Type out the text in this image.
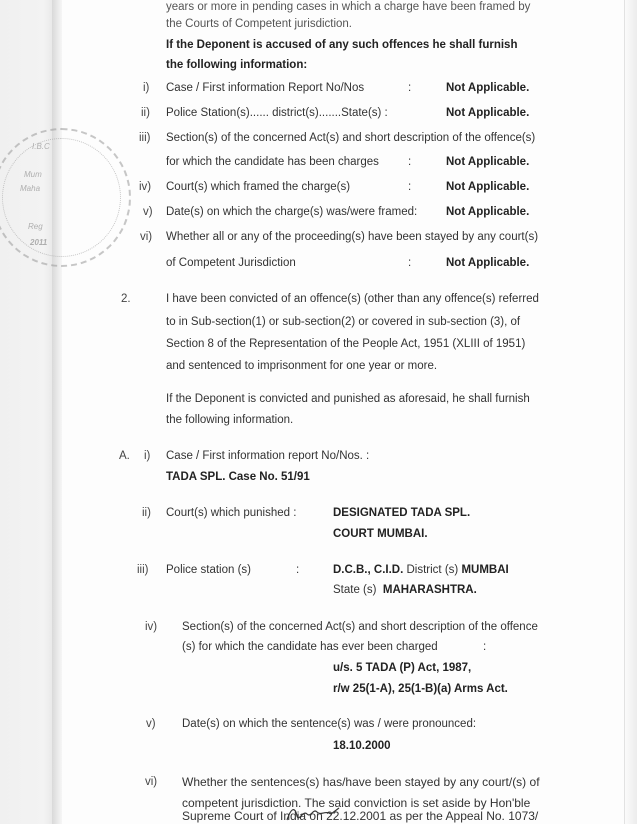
I.B.C
Mum
Maha
Reg
2011
years or more in pending cases in which a charge have been framed by
the Courts of Competent jurisdiction.
If the Deponent is accused of any such offences he shall furnish
the following information:
i) Case / First information Report No/Nos	:	Not Applicable.
ii) Police Station(s)...... district(s).......State(s) :	Not Applicable.
iii) Section(s) of the concerned Act(s) and short description of the offence(s)
for which the candidate has been charges	:	Not Applicable.
iv) Court(s) which framed the charge(s)	:	Not Applicable.
v) Date(s) on which the charge(s) was/were framed:	Not Applicable.
vi) Whether all or any of the proceeding(s) have been stayed by any court(s)
of Competent Jurisdiction	:	Not Applicable.
2.	I have been convicted of an offence(s) (other than any offence(s) referred
to in Sub-section(1) or sub-section(2) or covered in sub-section (3), of
Section 8 of the Representation of the People Act, 1951 (XLIII of 1951)
and sentenced to imprisonment for one year or more.
If the Deponent is convicted and punished as aforesaid, he shall furnish
the following information.
A. i) Case / First information report No/Nos. :
TADA SPL. Case No. 51/91
ii) Court(s) which punished :	DESIGNATED TADA SPL.
COURT MUMBAI.
iii) Police station (s)	:	D.C.B., C.I.D. District (s) MUMBAI
State (s) MAHARASHTRA.
iv) Section(s) of the concerned Act(s) and short description of the offence
(s) for which the candidate has ever been charged	:
u/s. 5 TADA (P) Act, 1987,
r/w 25(1-A), 25(1-B)(a) Arms Act.
v) Date(s) on which the sentence(s) was / were pronounced:
18.10.2000
vi) Whether the sentences(s) has/have been stayed by any court/(s) of
competent jurisdiction. The said conviction is set aside by Hon'ble
Supreme Court of India on 22.12.2001 as per the Appeal No. 1073/
